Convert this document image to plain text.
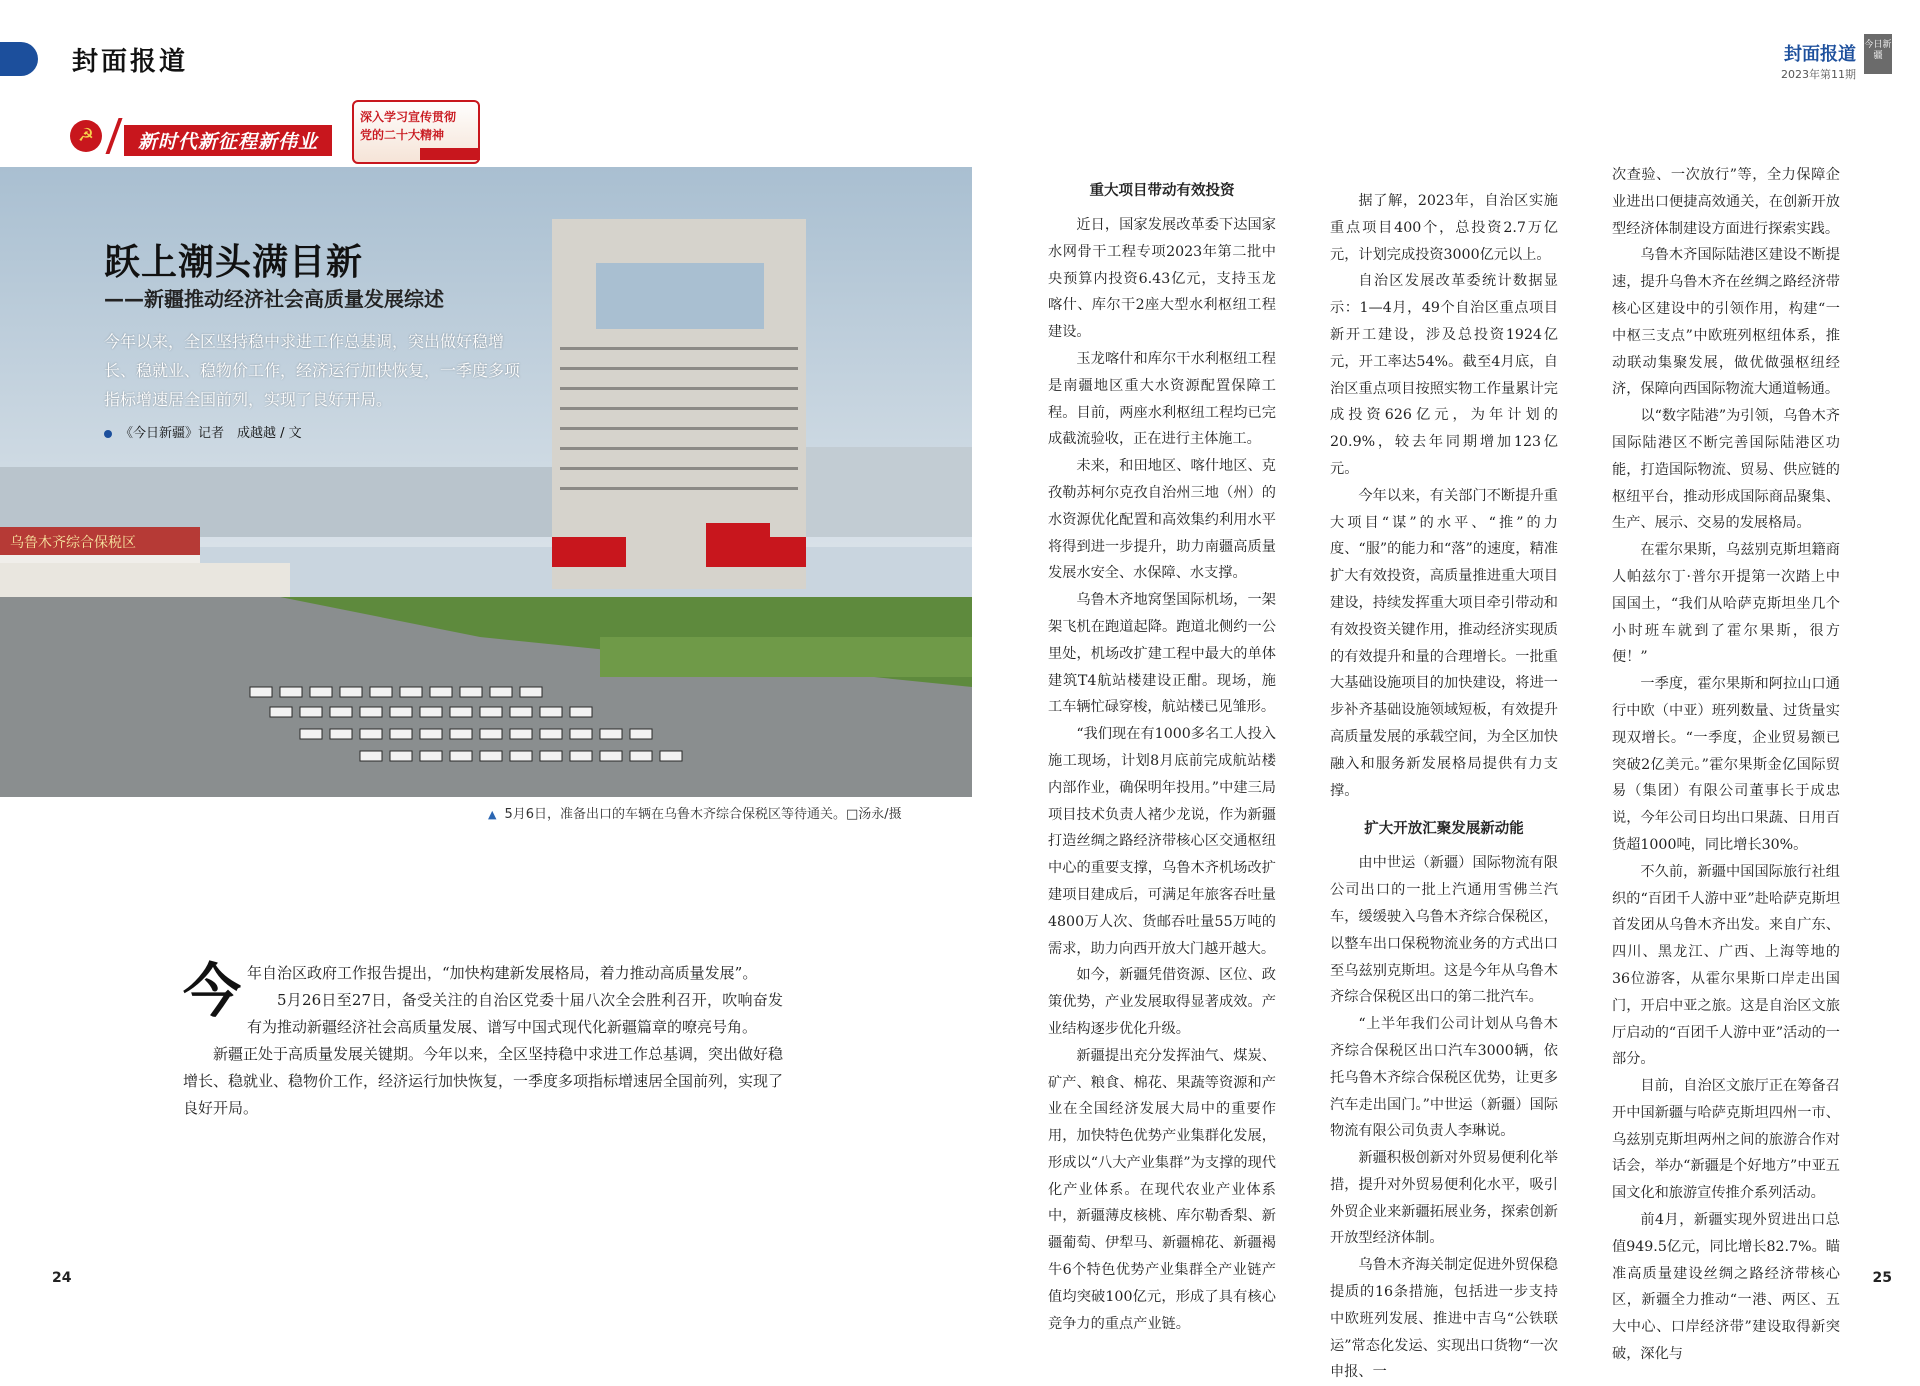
封面报道	封面报道
2023年第11期
今日新疆
☭	新时代新征程新伟业
深入学习宣传贯彻
党的二十大精神
乌鲁木齐综合保税区
跃上潮头满目新
——新疆推动经济社会高质量发展综述
今年以来，全区坚持稳中求进工作总基调，突出做好稳增长、稳就业、稳物价工作，经济运行加快恢复，一季度多项指标增速居全国前列，实现了良好开局。
《今日新疆》记者　成越越 / 文
▲ 5月6日，准备出口的车辆在乌鲁木齐综合保税区等待通关。□汤永/摄
今 年自治区政府工作报告提出，“加快构建新发展格局，着力推动高质量发展”。

5月26日至27日，备受关注的自治区党委十届八次全会胜利召开，吹响奋发有为推动新疆经济社会高质量发展、谱写中国式现代化新疆篇章的嘹亮号角。

新疆正处于高质量发展关键期。今年以来，全区坚持稳中求进工作总基调，突出做好稳增长、稳就业、稳物价工作，经济运行加快恢复，一季度多项指标增速居全国前列，实现了良好开局。

重大项目带动有效投资

近日，国家发展改革委下达国家水网骨干工程专项2023年第二批中央预算内投资6.43亿元，支持玉龙喀什、库尔干2座大型水利枢纽工程建设。

玉龙喀什和库尔干水利枢纽工程是南疆地区重大水资源配置保障工程。目前，两座水利枢纽工程均已完成截流验收，正在进行主体施工。

未来，和田地区、喀什地区、克孜勒苏柯尔克孜自治州三地（州）的水资源优化配置和高效集约利用水平将得到进一步提升，助力南疆高质量发展水安全、水保障、水支撑。

乌鲁木齐地窝堡国际机场，一架架飞机在跑道起降。跑道北侧约一公里处，机场改扩建工程中最大的单体建筑T4航站楼建设正酣。现场，施工车辆忙碌穿梭，航站楼已见雏形。

“我们现在有1000多名工人投入施工现场，计划8月底前完成航站楼内部作业，确保明年投用。”中建三局项目技术负责人褚少龙说，作为新疆打造丝绸之路经济带核心区交通枢纽中心的重要支撑，乌鲁木齐机场改扩建项目建成后，可满足年旅客吞吐量4800万人次、货邮吞吐量55万吨的需求，助力向西开放大门越开越大。

如今，新疆凭借资源、区位、政策优势，产业发展取得显著成效。产业结构逐步优化升级。

新疆提出充分发挥油气、煤炭、矿产、粮食、棉花、果蔬等资源和产业在全国经济发展大局中的重要作用，加快特色优势产业集群化发展，形成以“八大产业集群”为支撑的现代化产业体系。在现代农业产业体系中，新疆薄皮核桃、库尔勒香梨、新疆葡萄、伊犁马、新疆棉花、新疆褐牛6个特色优势产业集群全产业链产值均突破100亿元，形成了具有核心竞争力的重点产业链。

据了解，2023年，自治区实施重点项目400个，总投资2.7万亿元，计划完成投资3000亿元以上。

自治区发展改革委统计数据显示：1—4月，49个自治区重点项目新开工建设，涉及总投资1924亿元，开工率达54%。截至4月底，自治区重点项目按照实物工作量累计完成投资626亿元，为年计划的20.9%，较去年同期增加123亿元。

今年以来，有关部门不断提升重大项目“谋”的水平、“推”的力度、“服”的能力和“落”的速度，精准扩大有效投资，高质量推进重大项目建设，持续发挥重大项目牵引带动和有效投资关键作用，推动经济实现质的有效提升和量的合理增长。一批重大基础设施项目的加快建设，将进一步补齐基础设施领域短板，有效提升高质量发展的承载空间，为全区加快融入和服务新发展格局提供有力支撑。

扩大开放汇聚发展新动能

由中世运（新疆）国际物流有限公司出口的一批上汽通用雪佛兰汽车，缓缓驶入乌鲁木齐综合保税区，以整车出口保税物流业务的方式出口至乌兹别克斯坦。这是今年从乌鲁木齐综合保税区出口的第二批汽车。

“上半年我们公司计划从乌鲁木齐综合保税区出口汽车3000辆，依托乌鲁木齐综合保税区优势，让更多汽车走出国门。”中世运（新疆）国际物流有限公司负责人李琳说。

新疆积极创新对外贸易便利化举措，提升对外贸易便利化水平，吸引外贸企业来新疆拓展业务，探索创新开放型经济体制。

乌鲁木齐海关制定促进外贸保稳提质的16条措施，包括进一步支持中欧班列发展、推进中吉乌“公铁联运”常态化发运、实现出口货物“一次申报、一

次查验、一次放行”等，全力保障企业进出口便捷高效通关，在创新开放型经济体制建设方面进行探索实践。

乌鲁木齐国际陆港区建设不断提速，提升乌鲁木齐在丝绸之路经济带核心区建设中的引领作用，构建“一中枢三支点”中欧班列枢纽体系，推动联动集聚发展，做优做强枢纽经济，保障向西国际物流大通道畅通。

以“数字陆港”为引领，乌鲁木齐国际陆港区不断完善国际陆港区功能，打造国际物流、贸易、供应链的枢纽平台，推动形成国际商品聚集、生产、展示、交易的发展格局。

在霍尔果斯，乌兹别克斯坦籍商人帕兹尔丁·普尔开提第一次踏上中国国土，“我们从哈萨克斯坦坐几个小时班车就到了霍尔果斯，很方便！”

一季度，霍尔果斯和阿拉山口通行中欧（中亚）班列数量、过货量实现双增长。“一季度，企业贸易额已突破2亿美元。”霍尔果斯金亿国际贸易（集团）有限公司董事长于成忠说，今年公司日均出口果蔬、日用百货超1000吨，同比增长30%。

不久前，新疆中国国际旅行社组织的“百团千人游中亚”赴哈萨克斯坦首发团从乌鲁木齐出发。来自广东、四川、黑龙江、广西、上海等地的36位游客，从霍尔果斯口岸走出国门，开启中亚之旅。这是自治区文旅厅启动的“百团千人游中亚”活动的一部分。

目前，自治区文旅厅正在筹备召开中国新疆与哈萨克斯坦四州一市、乌兹别克斯坦两州之间的旅游合作对话会，举办“新疆是个好地方”中亚五国文化和旅游宣传推介系列活动。

前4月，新疆实现外贸进出口总值949.5亿元，同比增长82.7%。瞄准高质量建设丝绸之路经济带核心区，新疆全力推动“一港、两区、五大中心、口岸经济带”建设取得新突破，深化与

24	25
